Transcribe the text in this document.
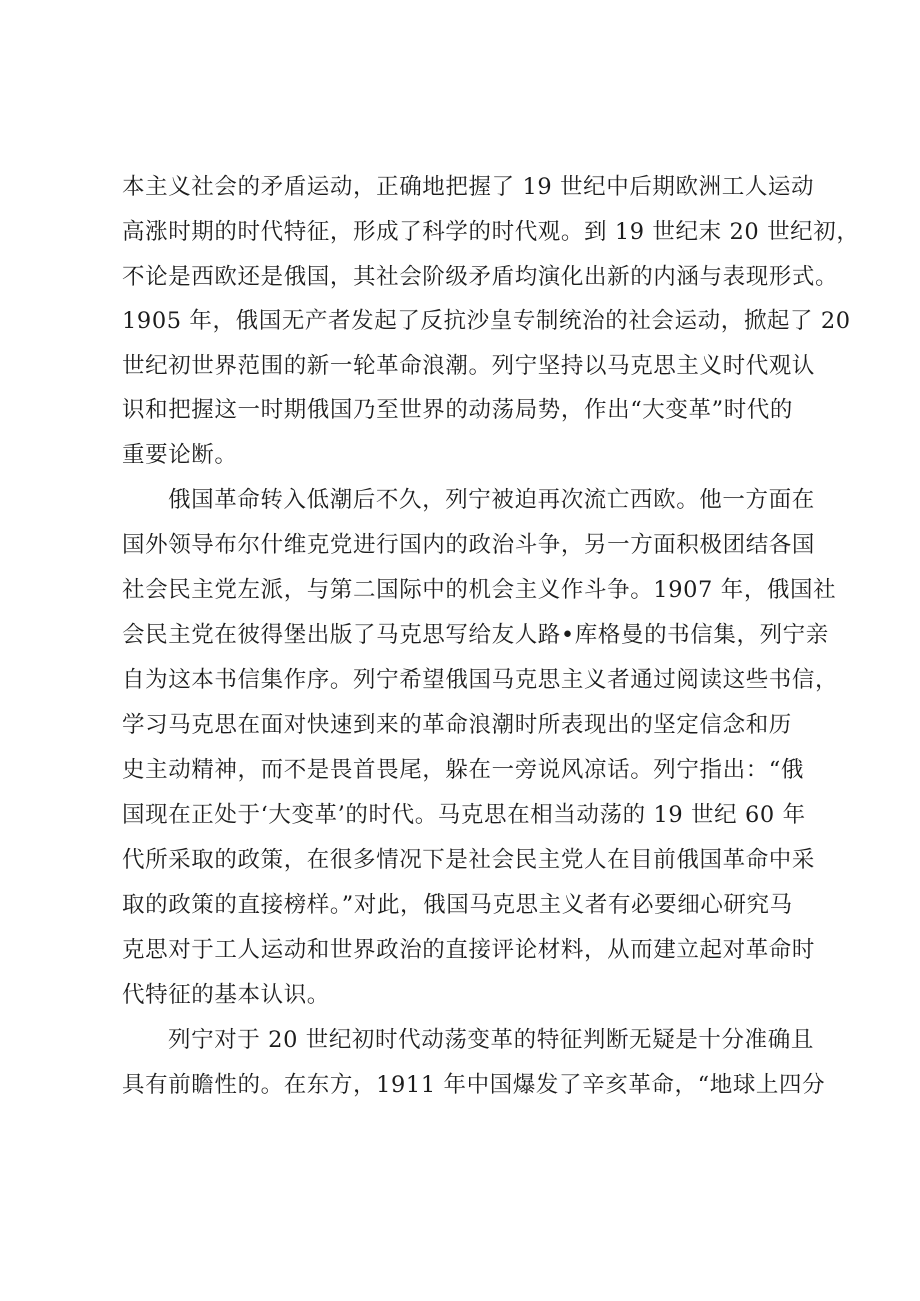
本主义社会的矛盾运动，正确地把握了 19 世纪中后期欧洲工人运动
高涨时期的时代特征，形成了科学的时代观。到 19 世纪末 20 世纪初，
不论是西欧还是俄国，其社会阶级矛盾均演化出新的内涵与表现形式。
1905 年，俄国无产者发起了反抗沙皇专制统治的社会运动，掀起了 20
世纪初世界范围的新一轮革命浪潮。列宁坚持以马克思主义时代观认
识和把握这一时期俄国乃至世界的动荡局势，作出“大变革”时代的
重要论断。
俄国革命转入低潮后不久，列宁被迫再次流亡西欧。他一方面在
国外领导布尔什维克党进行国内的政治斗争，另一方面积极团结各国
社会民主党左派，与第二国际中的机会主义作斗争。1907 年，俄国社
会民主党在彼得堡出版了马克思写给友人路•库格曼的书信集，列宁亲
自为这本书信集作序。列宁希望俄国马克思主义者通过阅读这些书信，
学习马克思在面对快速到来的革命浪潮时所表现出的坚定信念和历
史主动精神，而不是畏首畏尾，躲在一旁说风凉话。列宁指出：“俄
国现在正处于‘大变革’的时代。马克思在相当动荡的 19 世纪 60 年
代所采取的政策，在很多情况下是社会民主党人在目前俄国革命中采
取的政策的直接榜样。”对此，俄国马克思主义者有必要细心研究马
克思对于工人运动和世界政治的直接评论材料，从而建立起对革命时
代特征的基本认识。
列宁对于 20 世纪初时代动荡变革的特征判断无疑是十分准确且
具有前瞻性的。在东方，1911 年中国爆发了辛亥革命，“地球上四分
